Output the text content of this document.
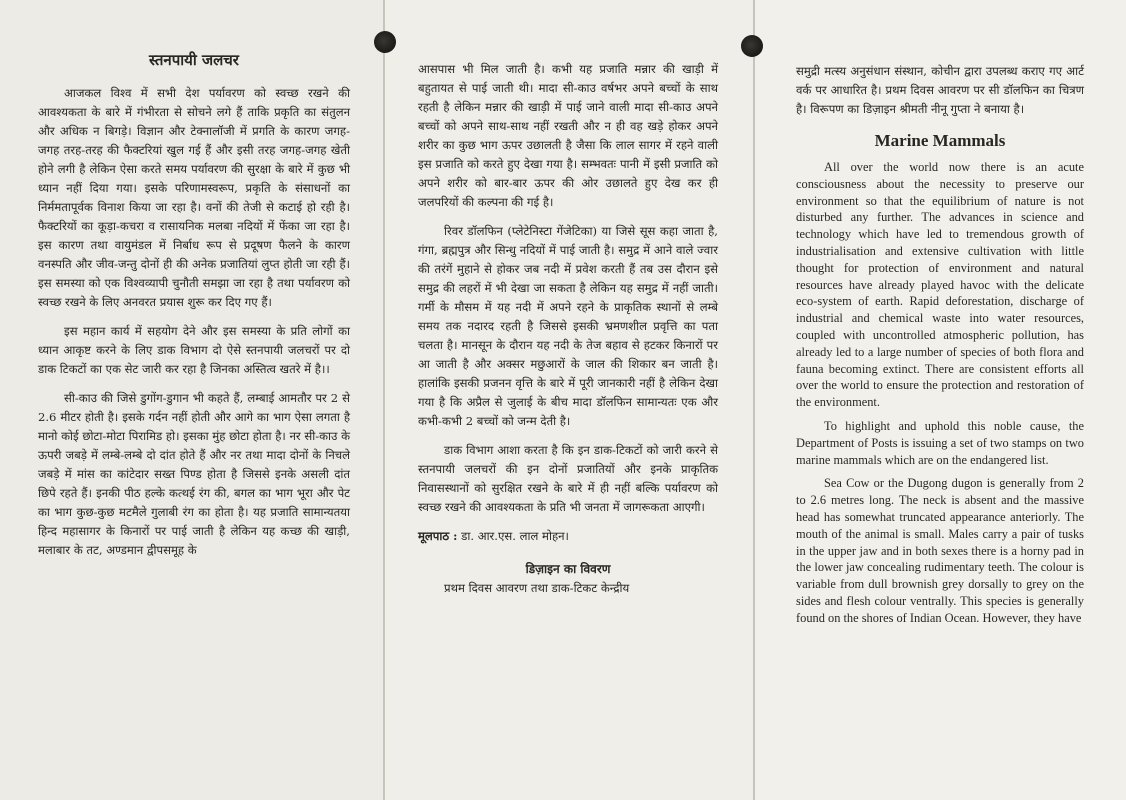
स्तनपायी जलचर

आजकल विश्व में सभी देश पर्यावरण को स्वच्छ रखने की आवश्यकता के बारे में गंभीरता से सोचने लगे हैं ताकि प्रकृति का संतुलन और अधिक न बिगड़े। विज्ञान और टेक्नालॉजी में प्रगति के कारण जगह-जगह तरह-तरह की फैक्टरियां खुल गई हैं और इसी तरह जगह-जगह खेती होने लगी है लेकिन ऐसा करते समय पर्यावरण की सुरक्षा के बारे में कुछ भी ध्यान नहीं दिया गया। इसके परिणामस्वरूप, प्रकृति के संसाधनों का निर्ममतापूर्वक विनाश किया जा रहा है। वनों की तेजी से कटाई हो रही है। फैक्टरियों का कूड़ा-कचरा व रासायनिक मलबा नदियों में फेंका जा रहा है। इस कारण तथा वायुमंडल में निर्बाध रूप से प्रदूषण फैलने के कारण वनस्पति और जीव-जन्तु दोनों ही की अनेक प्रजातियां लुप्त होती जा रही हैं। इस समस्या को एक विश्वव्यापी चुनौती समझा जा रहा है तथा पर्यावरण को स्वच्छ रखने के लिए अनवरत प्रयास शुरू कर दिए गए हैं।

इस महान कार्य में सहयोग देने और इस समस्या के प्रति लोगों का ध्यान आकृष्ट करने के लिए डाक विभाग दो ऐसे स्तनपायी जलचरों पर दो डाक टिकटों का एक सेट जारी कर रहा है जिनका अस्तित्व खतरे में है।।

सी-काउ की जिसे डुगोंग-डुगान भी कहते हैं, लम्बाई आमतौर पर 2 से 2.6 मीटर होती है। इसके गर्दन नहीं होती और आगे का भाग ऐसा लगता है मानो कोई छोटा-मोटा पिरामिड हो। इसका मुंह छोटा होता है। नर सी-काउ के ऊपरी जबड़े में लम्बे-लम्बे दो दांत होते हैं और नर तथा मादा दोनों के निचले जबड़े में मांस का कांटेदार सख्त पिण्ड होता है जिससे इनके असली दांत छिपे रहते हैं। इनकी पीठ हल्के कत्थई रंग की, बगल का भाग भूरा और पेट का भाग कुछ-कुछ मटमैले गुलाबी रंग का होता है। यह प्रजाति सामान्यतया हिन्द महासागर के किनारों पर पाई जाती है लेकिन यह कच्छ की खाड़ी, मलाबार के तट, अण्डमान द्वीपसमूह के

आसपास भी मिल जाती है। कभी यह प्रजाति मन्नार की खाड़ी में बहुतायत से पाई जाती थी। मादा सी-काउ वर्षभर अपने बच्चों के साथ रहती है लेकिन मन्नार की खाड़ी में पाई जाने वाली मादा सी-काउ अपने बच्चों को अपने साथ-साथ नहीं रखती और न ही वह खड़े होकर अपने शरीर का कुछ भाग ऊपर उछालती है जैसा कि लाल सागर में रहने वाली इस प्रजाति को करते हुए देखा गया है। सम्भवतः पानी में इसी प्रजाति को अपने शरीर को बार-बार ऊपर की ओर उछालते हुए देख कर ही जलपरियों की कल्पना की गई है।

रिवर डॉलफिन (प्लेटेनिस्टा गेंजेटिका) या जिसे सूस कहा जाता है, गंगा, ब्रह्मपुत्र और सिन्धु नदियों में पाई जाती है। समुद्र में आने वाले ज्वार की तरंगें मुहाने से होकर जब नदी में प्रवेश करती हैं तब उस दौरान इसे समुद्र की लहरों में भी देखा जा सकता है लेकिन यह समुद्र में नहीं जाती। गर्मी के मौसम में यह नदी में अपने रहने के प्राकृतिक स्थानों से लम्बे समय तक नदारद रहती है जिससे इसकी भ्रमणशील प्रवृत्ति का पता चलता है। मानसून के दौरान यह नदी के तेज बहाव से हटकर किनारों पर आ जाती है और अक्सर मछुआरों के जाल की शिकार बन जाती है। हालांकि इसकी प्रजनन वृत्ति के बारे में पूरी जानकारी नहीं है लेकिन देखा गया है कि अप्रैल से जुलाई के बीच मादा डॉलफिन सामान्यतः एक और कभी-कभी 2 बच्चों को जन्म देती है।

डाक विभाग आशा करता है कि इन डाक-टिकटों को जारी करने से स्तनपायी जलचरों की इन दोनों प्रजातियों और इनके प्राकृतिक निवासस्थानों को सुरक्षित रखने के बारे में ही नहीं बल्कि पर्यावरण को स्वच्छ रखने की आवश्यकता के प्रति भी जनता में जागरूकता आएगी।

मूलपाठ : डा. आर.एस. लाल मोहन।

डिज़ाइन का विवरण

प्रथम दिवस आवरण तथा डाक-टिकट केन्द्रीय

समुद्री मत्स्य अनुसंधान संस्थान, कोचीन द्वारा उपलब्ध कराए गए आर्ट वर्क पर आधारित है। प्रथम दिवस आवरण पर सी डॉलफिन का चित्रण है। विरूपण का डिज़ाइन श्रीमती नीनू गुप्ता ने बनाया है।

Marine Mammals

All over the world now there is an acute consciousness about the necessity to preserve our environment so that the equilibrium of nature is not disturbed any further. The advances in science and technology which have led to tremendous growth of industrialisation and extensive cultivation with little thought for protection of environment and natural resources have already played havoc with the delicate eco-system of earth. Rapid deforestation, discharge of industrial and chemical waste into water resources, coupled with uncontrolled atmospheric pollution, has already led to a large number of species of both flora and fauna becoming extinct. There are consistent efforts all over the world to ensure the protection and restoration of the environment.

To highlight and uphold this noble cause, the Department of Posts is issuing a set of two stamps on two marine mammals which are on the endangered list.

Sea Cow or the Dugong dugon is generally from 2 to 2.6 metres long. The neck is absent and the massive head has somewhat truncated appearance anteriorly. The mouth of the animal is small. Males carry a pair of tusks in the upper jaw and in both sexes there is a horny pad in the lower jaw concealing rudimentary teeth. The colour is variable from dull brownish grey dorsally to grey on the sides and flesh colour ventrally. This species is generally found on the shores of Indian Ocean. However, they have
